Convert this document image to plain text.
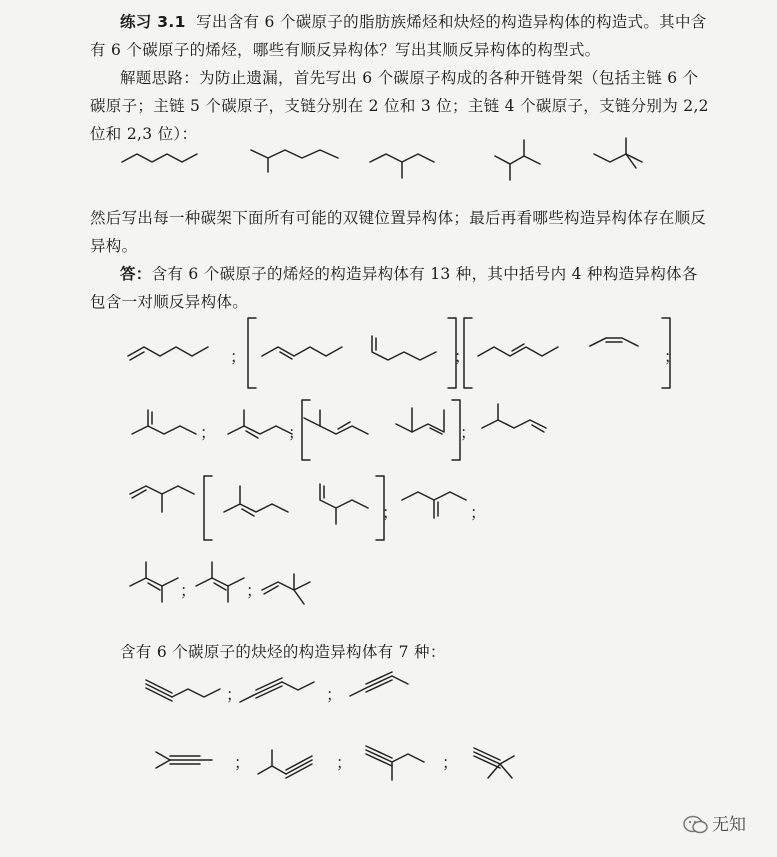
练习 3.1 写出含有 6 个碳原子的脂肪族烯烃和炔烃的构造异构体的构造式。其中含有 6 个碳原子的烯烃，哪些有顺反异构体？写出其顺反异构体的构型式。
解题思路：为防止遗漏，首先写出 6 个碳原子构成的各种开链骨架（包括主链 6 个碳原子；主链 5 个碳原子，支链分别在 2 位和 3 位；主链 4 个碳原子，支链分别为 2,2 位和 2,3 位）：
然后写出每一种碳架下面所有可能的双键位置异构体；最后再看哪些构造异构体存在顺反异构。
答：含有 6 个碳原子的烯烃的构造异构体有 13 种，其中括号内 4 种构造异构体各包含一对顺反异构体。
；	；	；
；	；	；
；	；
；	；
含有 6 个碳原子的炔烃的构造异构体有 7 种：
；	；
；	；	；
无知
